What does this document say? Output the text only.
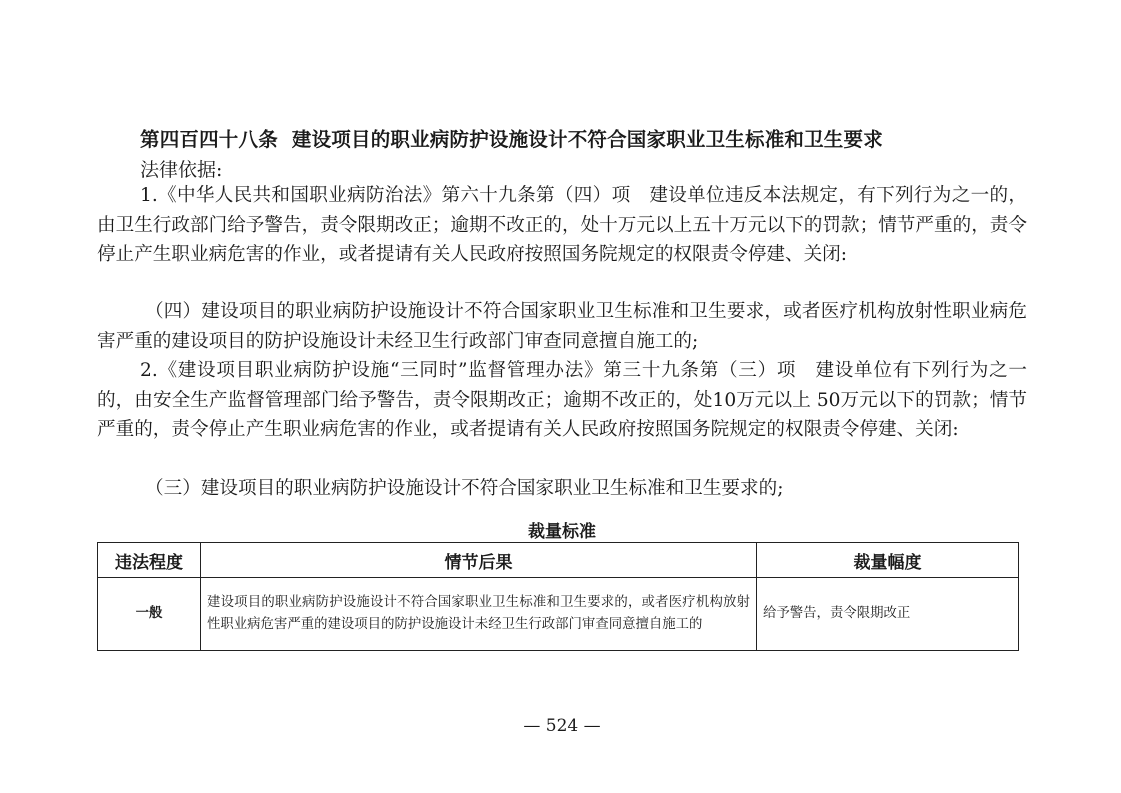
第四百四十八条 建设项目的职业病防护设施设计不符合国家职业卫生标准和卫生要求
法律依据:
1.《中华人民共和国职业病防治法》第六十九条第（四）项　建设单位违反本法规定，有下列行为之一的，由卫生行政部门给予警告，责令限期改正；逾期不改正的，处十万元以上五十万元以下的罚款；情节严重的，责令停止产生职业病危害的作业，或者提请有关人民政府按照国务院规定的权限责令停建、关闭:
（四）建设项目的职业病防护设施设计不符合国家职业卫生标准和卫生要求，或者医疗机构放射性职业病危害严重的建设项目的防护设施设计未经卫生行政部门审查同意擅自施工的;
2.《建设项目职业病防护设施“三同时”监督管理办法》第三十九条第（三）项　建设单位有下列行为之一的，由安全生产监督管理部门给予警告，责令限期改正；逾期不改正的，处10万元以上 50万元以下的罚款；情节严重的，责令停止产生职业病危害的作业，或者提请有关人民政府按照国务院规定的权限责令停建、关闭:
（三）建设项目的职业病防护设施设计不符合国家职业卫生标准和卫生要求的;
裁量标准
违法程度	情节后果	裁量幅度
一般	建设项目的职业病防护设施设计不符合国家职业卫生标准和卫生要求的，或者医疗机构放射性职业病危害严重的建设项目的防护设施设计未经卫生行政部门审查同意擅自施工的	给予警告，责令限期改正
— 524 —
